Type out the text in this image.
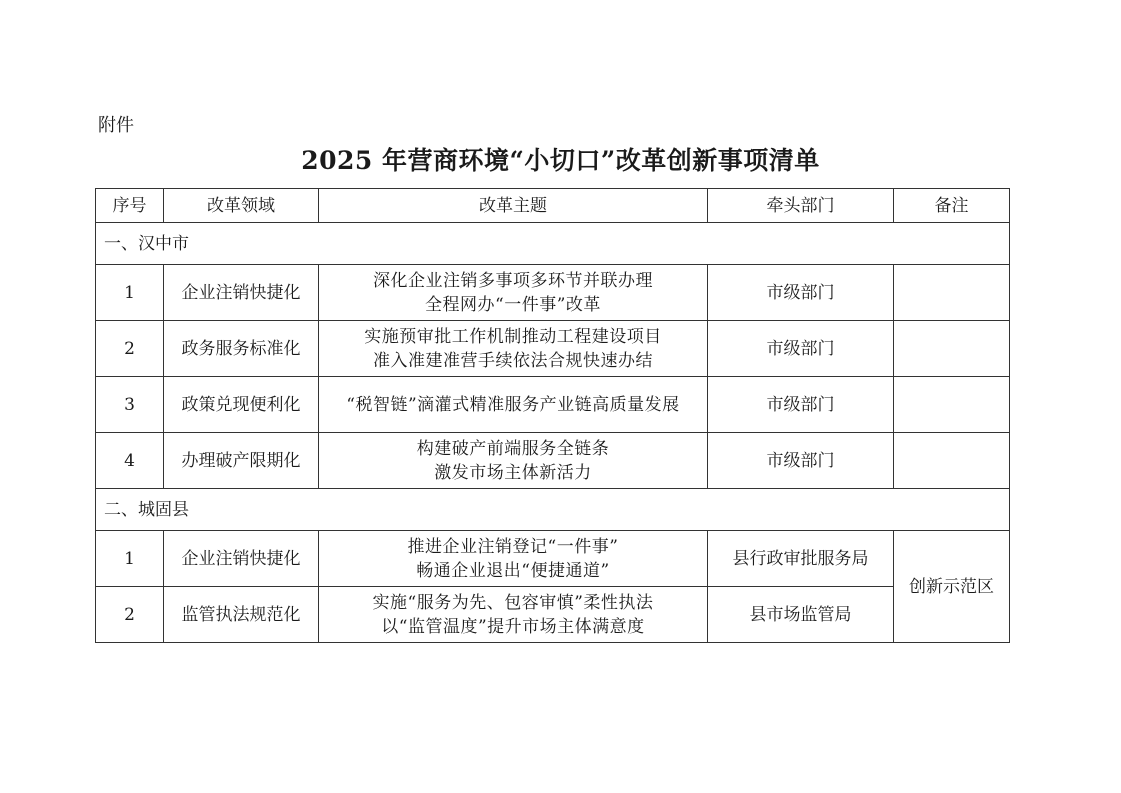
附件
2025 年营商环境“小切口”改革创新事项清单
序号	改革领域	改革主题	牵头部门	备注
一、汉中市				
1	企业注销快捷化	深化企业注销多事项多环节并联办理
全程网办“一件事”改革	市级部门	
2	政务服务标准化	实施预审批工作机制推动工程建设项目
准入准建准营手续依法合规快速办结	市级部门	
3	政策兑现便利化	“税智链”滴灌式精准服务产业链高质量发展	市级部门	
4	办理破产限期化	构建破产前端服务全链条
激发市场主体新活力	市级部门	
二、城固县				
1	企业注销快捷化	推进企业注销登记“一件事”
畅通企业退出“便捷通道”	县行政审批服务局	创新示范区
2	监管执法规范化	实施“服务为先、包容审慎”柔性执法
以“监管温度”提升市场主体满意度	县市场监管局	
